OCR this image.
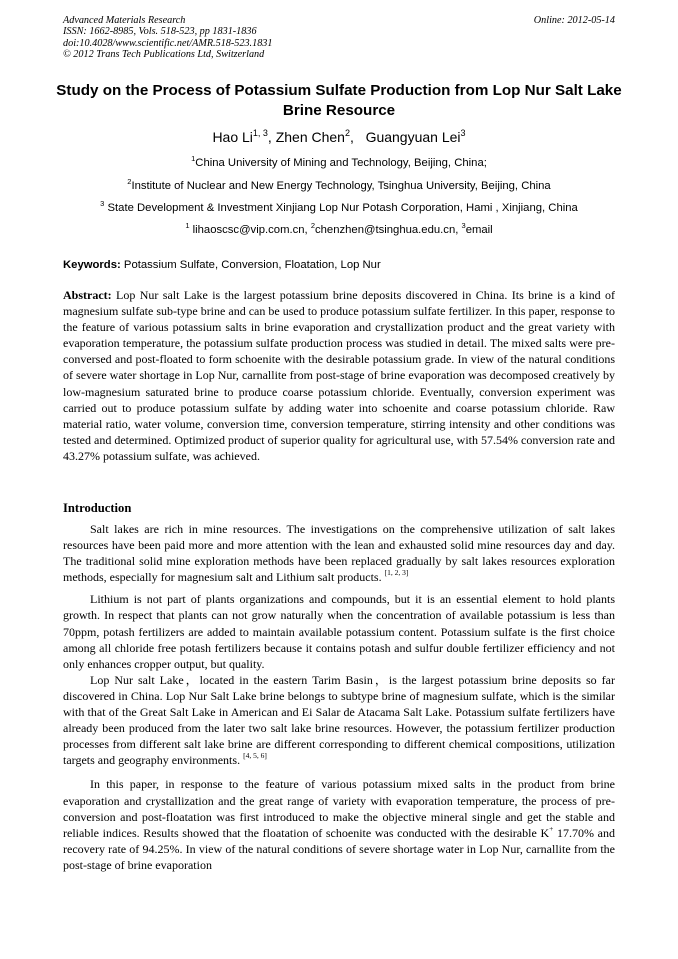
Advanced Materials Research
ISSN: 1662-8985, Vols. 518-523, pp 1831-1836
doi:10.4028/www.scientific.net/AMR.518-523.1831
© 2012 Trans Tech Publications Ltd, Switzerland
Online: 2012-05-14
Study on the Process of Potassium Sulfate Production from Lop Nur Salt Lake Brine Resource
Hao Li$^{1, 3}$, Zhen Chen$^2$,   Guangyuan Lei$^3$
$^1$China University of Mining and Technology, Beijing, China;
$^2$Institute of Nuclear and New Energy Technology, Tsinghua University, Beijing, China
$^3$ State Development & Investment Xinjiang Lop Nur Potash Corporation, Hami , Xinjiang, China
$^1$ lihaoscsc@vip.com.cn, $^2$chenzhen@tsinghua.edu.cn, $^3$email
Keywords: Potassium Sulfate, Conversion, Floatation, Lop Nur

Abstract: Lop Nur salt Lake is the largest potassium brine deposits discovered in China. Its brine is a kind of magnesium sulfate sub-type brine and can be used to produce potassium sulfate fertilizer. In this paper, response to the feature of various potassium salts in brine evaporation and crystallization product and the great variety with evaporation temperature, the potassium sulfate production process was studied in detail. The mixed salts were pre-conversed and post-floated to form schoenite with the desirable potassium grade. In view of the natural conditions of severe water shortage in Lop Nur, carnallite from post-stage of brine evaporation was decomposed creatively by low-magnesium saturated brine to produce coarse potassium chloride. Eventually, conversion experiment was carried out to produce potassium sulfate by adding water into schoenite and coarse potassium chloride. Raw material ratio, water volume, conversion time, conversion temperature, stirring intensity and other conditions was tested and determined. Optimized product of superior quality for agricultural use, with 57.54% conversion rate and 43.27% potassium sulfate, was achieved.

Introduction

Salt lakes are rich in mine resources. The investigations on the comprehensive utilization of salt lakes resources have been paid more and more attention with the lean and exhausted solid mine resources day and day. The traditional solid mine exploration methods have been replaced gradually by salt lakes resources exploration methods, especially for magnesium salt and Lithium salt products. [1, 2, 3]

Lithium is not part of plants organizations and compounds, but it is an essential element to hold plants growth. In respect that plants can not grow naturally when the concentration of available potassium is less than 70ppm, potash fertilizers are added to maintain available potassium content. Potassium sulfate is the first choice among all chloride free potash fertilizers because it contains potash and sulfur double fertilizer efficiency and not only enhances cropper output, but quality.

Lop Nur salt Lake，located in the eastern Tarim Basin，is the largest potassium brine deposits so far discovered in China. Lop Nur Salt Lake brine belongs to subtype brine of magnesium sulfate, which is the similar with that of the Great Salt Lake in American and Ei Salar de Atacama Salt Lake. Potassium sulfate fertilizers have already been produced from the later two salt lake brine resources. However, the potassium fertilizer production processes from different salt lake brine are different corresponding to different chemical compositions, utilization targets and geography environments. [4, 5, 6]

In this paper, in response to the feature of various potassium mixed salts in the product from brine evaporation and crystallization and the great range of variety with evaporation temperature, the process of pre-conversion and post-floatation was first introduced to make the objective mineral single and get the stable and reliable indices. Results showed that the floatation of schoenite was conducted with the desirable K+ 17.70% and recovery rate of 94.25%. In view of the natural conditions of severe shortage water in Lop Nur, carnallite from the post-stage of brine evaporation
